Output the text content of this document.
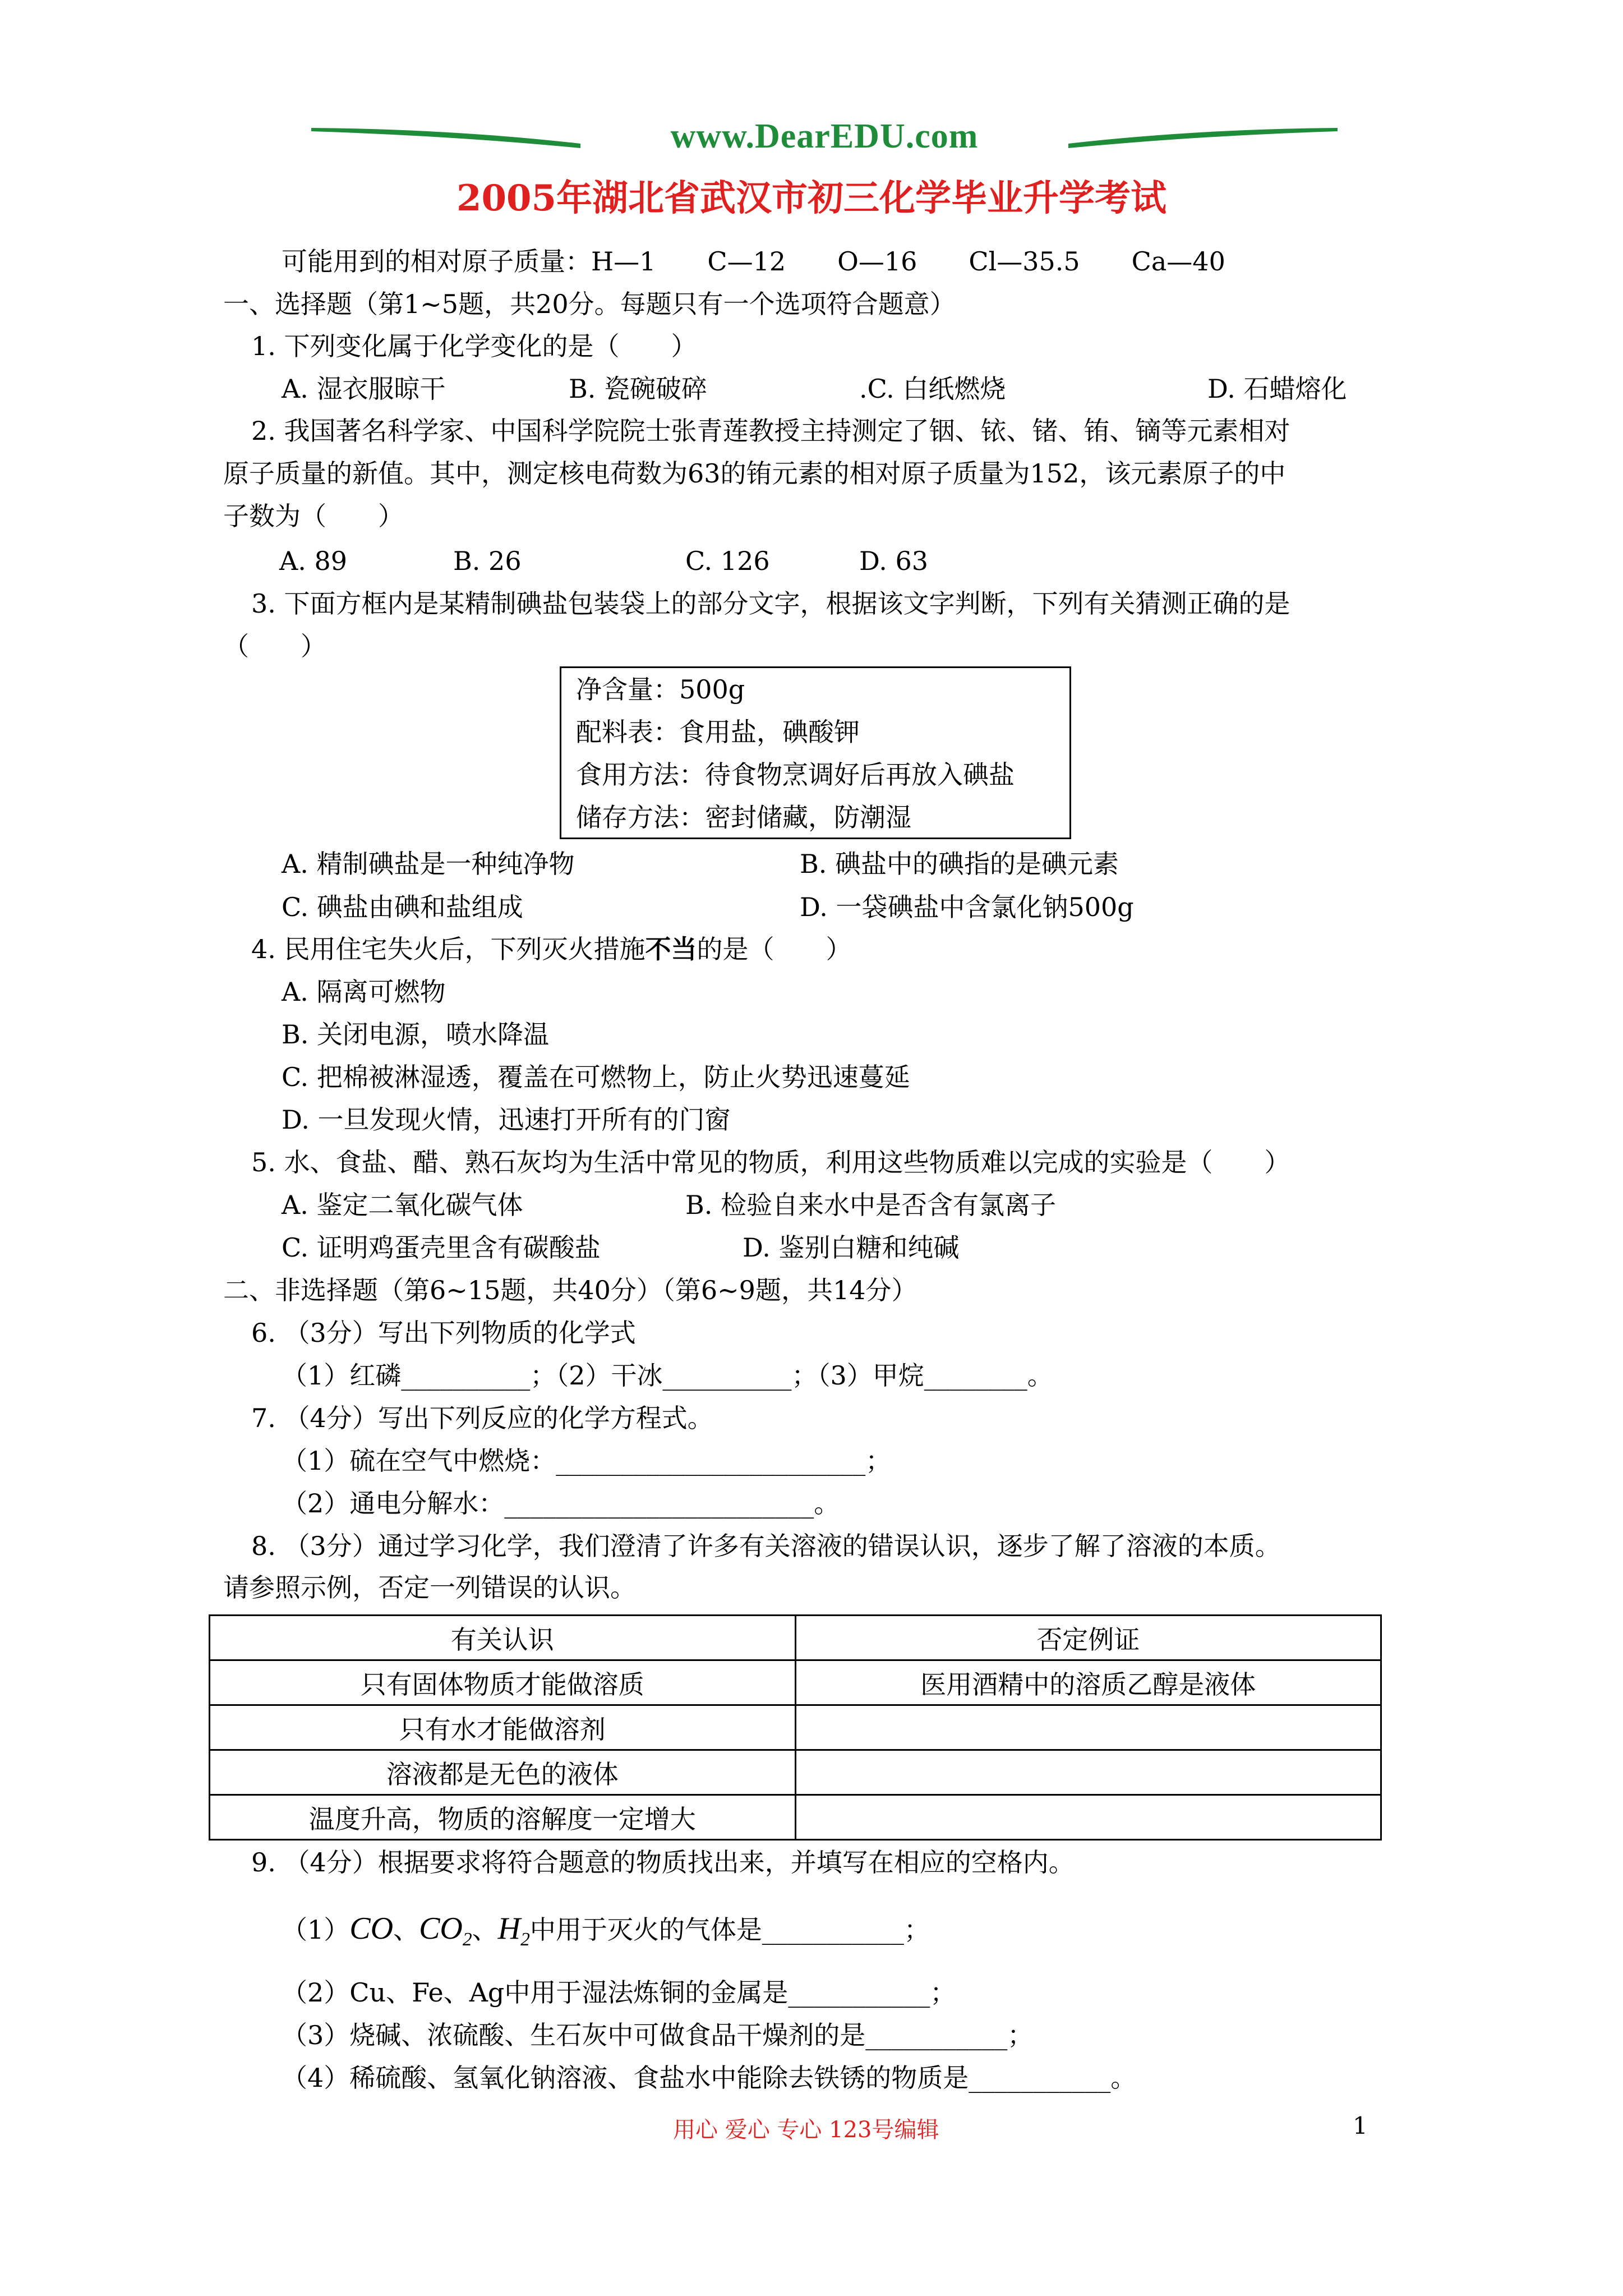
www.DearEDU.com
2005年湖北省武汉市初三化学毕业升学考试
可能用到的相对原子质量：H—1　　C—12　　O—16　　Cl—35.5　　Ca—40
一、选择题（第1~5题，共20分。每题只有一个选项符合题意）
1. 下列变化属于化学变化的是（　　）
A. 湿衣服晾干	B. 瓷碗破碎	.C. 白纸燃烧	D. 石蜡熔化
2. 我国著名科学家、中国科学院院士张青莲教授主持测定了铟、铱、锗、铕、镝等元素相对
原子质量的新值。其中，测定核电荷数为63的铕元素的相对原子质量为152，该元素原子的中
子数为（　　）
A. 89	B. 26	C. 126	D. 63
3. 下面方框内是某精制碘盐包装袋上的部分文字，根据该文字判断，下列有关猜测正确的是
（　　）
净含量：500g
配料表：食用盐，碘酸钾
食用方法：待食物烹调好后再放入碘盐
储存方法：密封储藏，防潮湿
A. 精制碘盐是一种纯净物	B. 碘盐中的碘指的是碘元素
C. 碘盐由碘和盐组成	D. 一袋碘盐中含氯化钠500g
4. 民用住宅失火后，下列灭火措施不当的是（　　）
A. 隔离可燃物
B. 关闭电源，喷水降温
C. 把棉被淋湿透，覆盖在可燃物上，防止火势迅速蔓延
D. 一旦发现火情，迅速打开所有的门窗
5. 水、食盐、醋、熟石灰均为生活中常见的物质，利用这些物质难以完成的实验是（　　）
A. 鉴定二氧化碳气体	B. 检验自来水中是否含有氯离子
C. 证明鸡蛋壳里含有碳酸盐	D. 鉴别白糖和纯碱
二、非选择题（第6~15题，共40分）（第6~9题，共14分）
6. （3分）写出下列物质的化学式
（1）红磷__________；（2）干冰__________；（3）甲烷________。
7. （4分）写出下列反应的化学方程式。
（1）硫在空气中燃烧：________________________；
（2）通电分解水：________________________。
8. （3分）通过学习化学，我们澄清了许多有关溶液的错误认识，逐步了解了溶液的本质。
请参照示例，否定一列错误的认识。
有关认识	否定例证
只有固体物质才能做溶质	医用酒精中的溶质乙醇是液体
只有水才能做溶剂	
溶液都是无色的液体	
温度升高，物质的溶解度一定增大	
9. （4分）根据要求将符合题意的物质找出来，并填写在相应的空格内。
（1）CO、$CO_2$、$H_2$中用于灭火的气体是___________；
（2）Cu、Fe、Ag中用于湿法炼铜的金属是___________；
（3）烧碱、浓硫酸、生石灰中可做食品干燥剂的是___________；
（4）稀硫酸、氢氧化钠溶液、食盐水中能除去铁锈的物质是___________。
用心 爱心 专心 123号编辑	1
